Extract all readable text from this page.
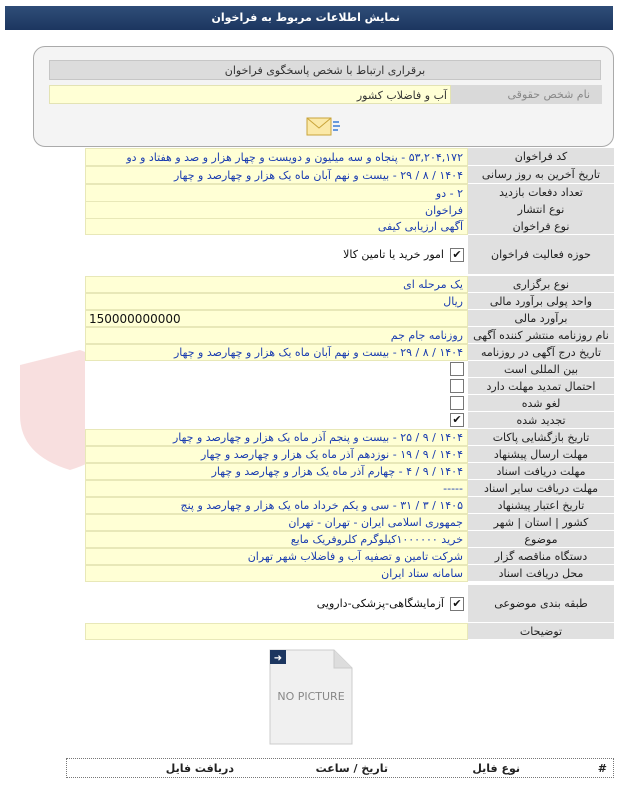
نمایش اطلاعات مربوط به فراخوان
برقراری ارتباط با شخص پاسخگوی فراخوان
نام شخص حقوقی
آب و فاضلاب کشور
کد فراخوان
۵۳,۲۰۴,۱۷۲ - پنجاه و سه میلیون و دویست و چهار هزار و صد و هفتاد و دو
تاریخ آخرین به روز رسانی
۱۴۰۴ / ۸ / ۲۹ - بیست و نهم آبان ماه یک هزار و چهارصد و چهار
تعداد دفعات بازدید
۲ - دو
نوع انتشار
فراخوان
نوع فراخوان
آگهی ارزیابی کیفی
حوزه فعالیت فراخوان
✔امور خرید یا تامین کالا
نوع برگزاری
یک مرحله ای
واحد پولی برآورد مالی
ریال
برآورد مالی
150000000000
نام روزنامه منتشر کننده آگهی
روزنامه جام جم
تاریخ درج آگهی در روزنامه
۱۴۰۴ / ۸ / ۲۹ - بیست و نهم آبان ماه یک هزار و چهارصد و چهار
بین المللی است
احتمال تمدید مهلت دارد
لغو شده
تجدید شده
✔
تاریخ بازگشایی پاکات
۱۴۰۴ / ۹ / ۲۵ - بیست و پنجم آذر ماه یک هزار و چهارصد و چهار
مهلت ارسال پیشنهاد
۱۴۰۴ / ۹ / ۱۹ - نوزدهم آذر ماه یک هزار و چهارصد و چهار
مهلت دریافت اسناد
۱۴۰۴ / ۹ / ۴ - چهارم آذر ماه یک هزار و چهارصد و چهار
مهلت دریافت سایر اسناد
-----
تاریخ اعتبار پیشنهاد
۱۴۰۵ / ۳ / ۳۱ - سی و یکم خرداد ماه یک هزار و چهارصد و پنج
کشور | استان | شهر
جمهوری اسلامی ایران - تهران - تهران
موضوع
خرید ۱۰۰۰۰۰۰کیلوگرم کلروفریک مایع
دستگاه مناقصه گزار
شرکت تامین و تصفیه آب و فاضلاب شهر تهران
محل دریافت اسناد
سامانه ستاد ایران
طبقه بندی موضوعی
✔آزمایشگاهی-پزشکی-دارویی
توضیحات
➜
NO PICTURE
#
نوع فایل
تاریخ / ساعت
دریافت فایل
